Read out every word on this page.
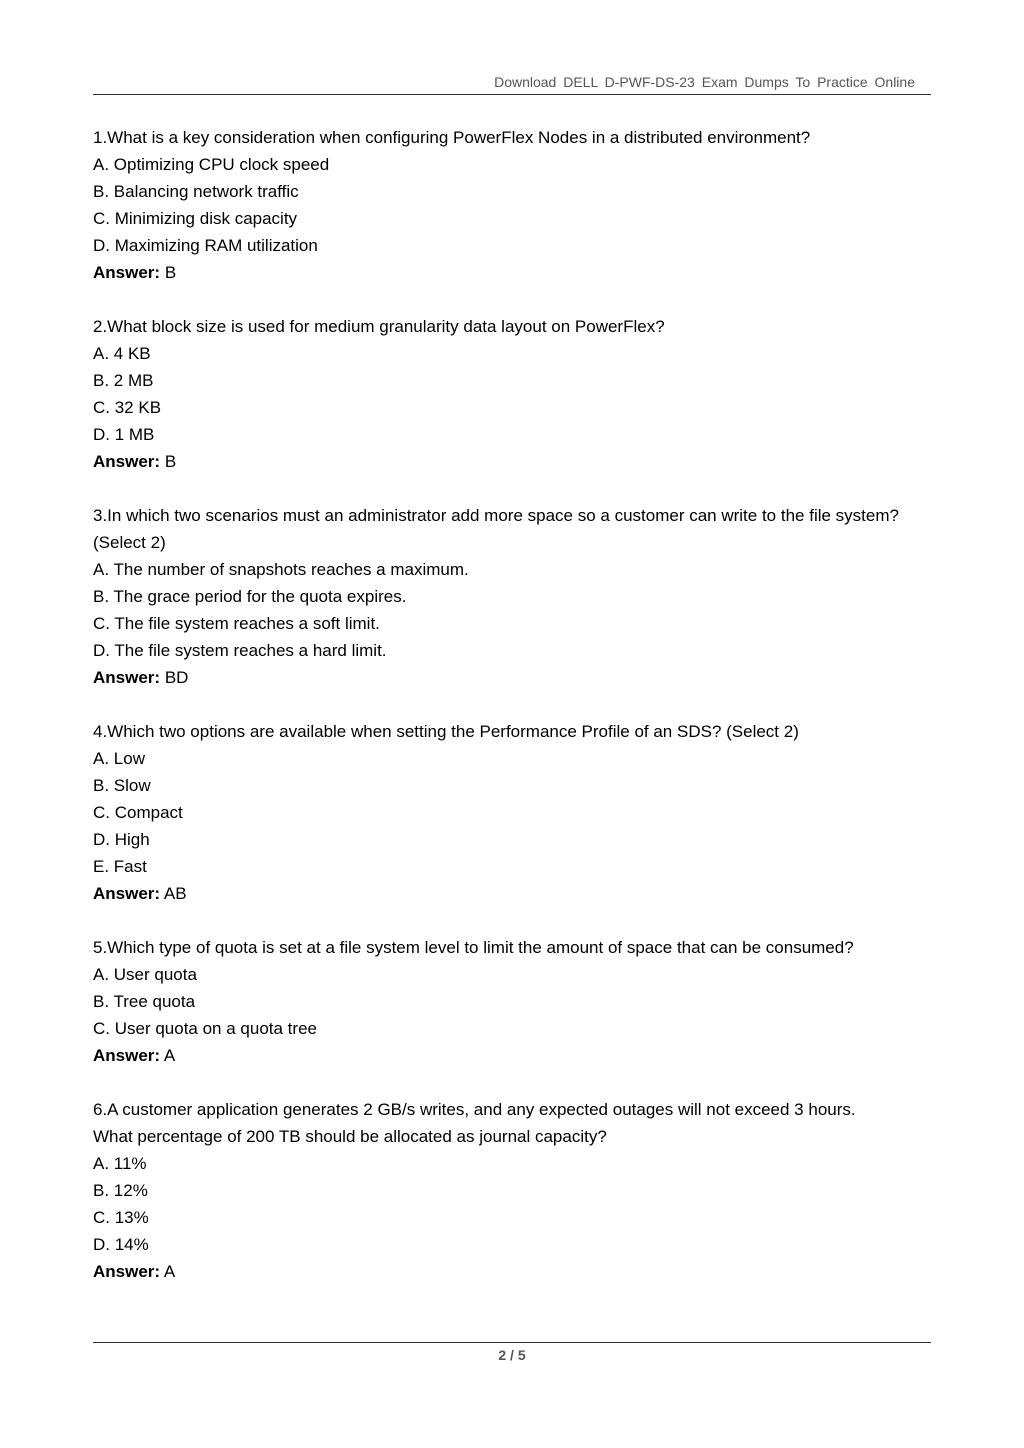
Download DELL D-PWF-DS-23 Exam Dumps To Practice Online
1.What is a key consideration when configuring PowerFlex Nodes in a distributed environment?
A. Optimizing CPU clock speed
B. Balancing network traffic
C. Minimizing disk capacity
D. Maximizing RAM utilization
Answer: B
2.What block size is used for medium granularity data layout on PowerFlex?
A. 4 KB
B. 2 MB
C. 32 KB
D. 1 MB
Answer: B
3.In which two scenarios must an administrator add more space so a customer can write to the file system?
(Select 2)
A. The number of snapshots reaches a maximum.
B. The grace period for the quota expires.
C. The file system reaches a soft limit.
D. The file system reaches a hard limit.
Answer: BD
4.Which two options are available when setting the Performance Profile of an SDS? (Select 2)
A. Low
B. Slow
C. Compact
D. High
E. Fast
Answer: AB
5.Which type of quota is set at a file system level to limit the amount of space that can be consumed?
A. User quota
B. Tree quota
C. User quota on a quota tree
Answer: A
6.A customer application generates 2 GB/s writes, and any expected outages will not exceed 3 hours.
What percentage of 200 TB should be allocated as journal capacity?
A. 11%
B. 12%
C. 13%
D. 14%
Answer: A
2 / 5
